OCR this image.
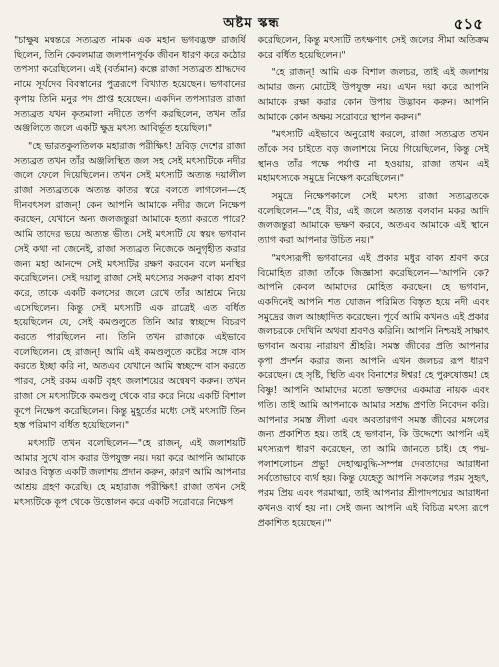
অষ্টম স্কন্ধ	৫১৫

"চাক্ষুষ মন্বন্তরে সত্যব্রত নামক এক মহান ভগবদ্ভক্ত রাজর্ষি ছিলেন, তিনি কেবলমাত্র জলপানপূর্বক জীবন ধারণ করে কঠোর তপস্যা করেছিলেন। এই (বর্তমান) কল্পে রাজা সত্যব্রত শ্রাদ্ধদেব নামে সূর্যদেব বিবস্বানের পুত্ররূপে বিখ্যাত হয়েছেন। ভগবানের কৃপায় তিনি মনুর পদ প্রাপ্ত হয়েছেন। একদিন তপস্যারত রাজা সত্যব্রত যখন কৃতমালা নদীতে তর্পণ করছিলেন, তখন তাঁর অঞ্জলিতে জলে একটি ক্ষুদ্র মৎস্য আবির্ভূত হয়েছিল।"

"হে ভারতকুলতিলক মহারাজ পরীক্ষিৎ! দ্রবিড় দেশের রাজা সত্যব্রত তখন তাঁর অঞ্জলিস্থিত জল সহ সেই মৎস্যটিকে নদীর জলে ফেলে দিয়েছিলেন। তখন সেই মৎস্যটি অত্যন্ত দয়ালীল রাজা সত্যব্রতকে অত্যন্ত কাতর স্বরে বলতে লাগলেন—হে দীনবৎসল রাজন্‌! কেন আপনি আমাকে নদীর জলে নিক্ষেপ করছেন, যেখানে অন্য জলজন্তুরা আমাকে হত্যা করতে পারে? আমি তাদের ভয়ে অত্যন্ত ভীত। সেই মৎস্যটি যে স্বয়ং ভগবান সেই কথা না জেনেই, রাজা সত্যব্রত নিজেকে অনুগৃহীত করার জন্য মহা আনন্দে সেই মৎস্যটির রক্ষণ করবেন বলে মনস্থির করেছিলেন। সেই দয়ালু রাজা সেই মৎস্যের সকরুণ বাক্য শ্রবণ করে, তাকে একটি কলসের জলে রেখে তাঁর আশ্রমে নিয়ে এসেছিলেন। কিন্তু সেই মৎস্যটি এক রাত্রেই এত বর্ধিত হয়েছিলেন যে, সেই কমণ্ডলুতে তিনি আর স্বচ্ছন্দে বিচরণ করতে পারছিলেন না। তিনি তখন রাজাকে এইভাবে বলেছিলেন। হে রাজন্‌! আমি এই কমণ্ডলুতে কষ্টের সঙ্গে বাস করতে ইচ্ছা করি না, অতএব যেখানে আমি স্বচ্ছন্দে বাস করতে পারব, সেই রকম একটি বৃহৎ জলাশয়ের অন্বেষণ করুন। তখন রাজা সে মৎস্যটিকে কমণ্ডলু থেকে বার করে নিয়ে একটি বিশাল কূপে নিক্ষেপ করেছিলেন। কিন্তু মুহূর্তের মধ্যে সেই মৎস্যটি তিন হস্ত পরিমাণ বর্ধিত হয়েছিলেন।"

মৎস্যটি তখন বলেছিলেন—"হে রাজন্‌, এই জলাশয়টি আমার সুখে বাস করার উপযুক্ত নয়। দয়া করে আপনি আমাকে আরও বিস্তৃত একটি জলাশয় প্রদান করুন, কারণ আমি আপনার আশ্রয় গ্রহণ করেছি। হে মহারাজ পরীক্ষিৎ! রাজা তখন সেই মৎস্যটিকে কূপ থেকে উত্তোলন করে একটি সরোবরে নিক্ষেপ

করেছিলেন, কিন্তু মৎস্যটি তৎক্ষণাৎ সেই জলের সীমা অতিক্রম করে বর্ধিত হয়েছিলেন।"

"হে রাজন্‌! আমি এক বিশাল জলচর, তাই এই জলাশয় আমার জন্য মোটেই উপযুক্ত নয়। এখন দয়া করে আপনি আমাকে রক্ষা করার কোন উপায় উদ্ভাবন করুন। আপনি আমাকে কোন অক্ষয় সরোবরে স্থাপন করুন।"

"মৎস্যটি এইভাবে অনুরোধ করলে, রাজা সত্যব্রত তখন তাঁকে সব চাইতে বড় জলাশয়ে নিয়ে গিয়েছিলেন, কিন্তু সেই স্থানও তাঁর পক্ষে পর্যাপ্ত না হওয়ায়, রাজা তখন এই মহামৎস্যকে সমুদ্রে নিক্ষেপ করেছিলেন।"

সমুদ্রে নিক্ষেপকালে সেই মৎস্য রাজা সত্যব্রতকে বলেছিলেন—"হে বীর, এই জলে অত্যন্ত বলবান মকর আদি জলজন্তুরা আমাকে ভক্ষণ করবে, অতএব আমাকে এই স্থানে ত্যাগ করা আপনার উচিত নয়।"

"মৎস্যরূপী ভগবানের এই প্রকার মধুর বাক্য শ্রবণ করে বিমোহিত রাজা তাঁকে জিজ্ঞাসা করেছিলেন—'আপনি কে? আপনি কেবল আমাদের মোহিত করছেন। হে ভগবান, একদিনেই আপনি শত যোজন পরিমিত বিস্তৃত হয়ে নদী এবং সমুদ্রের জল আচ্ছাদিত করেছেন। পূর্বে আমি কখনও এই প্রকার জলচরকে দেখিনি অথবা শ্রবণও করিনি। আপনি নিশ্চয়ই সাক্ষাৎ ভগবান অব্যয় নারায়ণ শ্রীহরি। সমস্ত জীবের প্রতি আপনার কৃপা প্রদর্শন করার জন্য আপনি এখন জলচর রূপ ধারণ করেছেন। হে সৃষ্টি, স্থিতি এবং বিনাশের ঈশ্বর! হে পুরুষোত্তম! হে বিষ্ণু! আপনি আমাদের মতো ভক্তদের একমাত্র নায়ক এবং গতি। তাই আমি আপনাকে আমার সশ্রদ্ধ প্রণতি নিবেদন করি। আপনার সমস্ত লীলা এবং অবতারগণ সমস্ত জীবের মঙ্গলের জন্য প্রকাশিত হয়। তাই হে ভগবান, কি উদ্দেশ্যে আপনি এই মৎস্যরূপ ধারণ করেছেন, তা আমি জানতে চাই। হে পদ্ম-পলাশলোচন প্রভু! দেহাত্মবুদ্ধি-সম্পন্ন দেবতাদের আরাধনা সর্বতোভাবে ব্যর্থ হয়। কিন্তু যেহেতু আপনি সকলের পরম সুহৃৎ, পরম প্রিয় এবং পরমাত্মা, তাই আপনার শ্রীপাদপদ্মের আরাধনা কখনও ব্যর্থ হয় না। সেই জন্য আপনি এই বিচিত্র মৎস্য রূপে প্রকাশিত হয়েছেন।'"
